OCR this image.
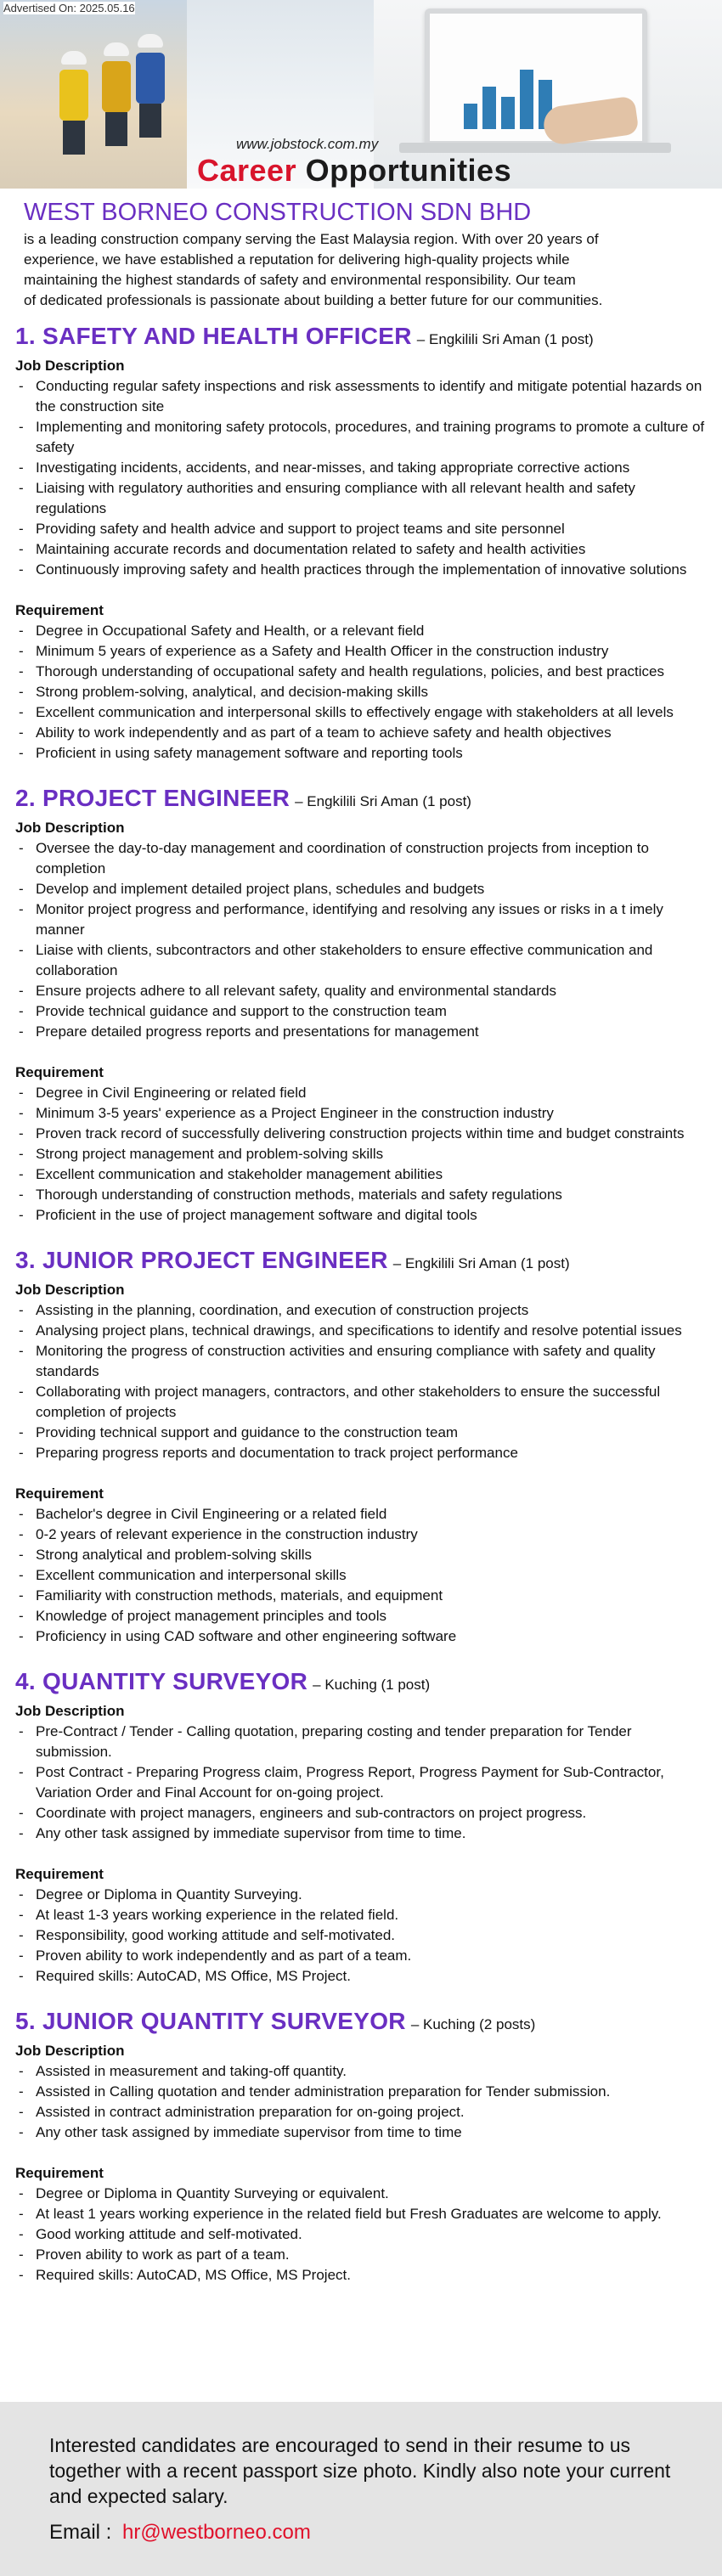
Advertised On: 2025.05.16
www.jobstock.com.my
Career Opportunities
WEST BORNEO CONSTRUCTION SDN BHD
is a leading construction company serving the East Malaysia region. With over 20 years of
experience, we have established a reputation for delivering high-quality projects while
maintaining the highest standards of safety and environmental responsibility. Our team
of dedicated professionals is passionate about building a better future for our communities.
1. SAFETY AND HEALTH OFFICER – Engkilili Sri Aman (1 post)
Job Description
- Conducting regular safety inspections and risk assessments to identify and mitigate potential hazards on the construction site
- Implementing and monitoring safety protocols, procedures, and training programs to promote a culture of safety
- Investigating incidents, accidents, and near-misses, and taking appropriate corrective actions
- Liaising with regulatory authorities and ensuring compliance with all relevant health and safety regulations
- Providing safety and health advice and support to project teams and site personnel
- Maintaining accurate records and documentation related to safety and health activities
- Continuously improving safety and health practices through the implementation of innovative solutions
Requirement
- Degree in Occupational Safety and Health, or a relevant field
- Minimum 5 years of experience as a Safety and Health Officer in the construction industry
- Thorough understanding of occupational safety and health regulations, policies, and best practices
- Strong problem-solving, analytical, and decision-making skills
- Excellent communication and interpersonal skills to effectively engage with stakeholders at all levels
- Ability to work independently and as part of a team to achieve safety and health objectives
- Proficient in using safety management software and reporting tools
2. PROJECT ENGINEER – Engkilili Sri Aman (1 post)
Job Description
- Oversee the day-to-day management and coordination of construction projects from inception to completion
- Develop and implement detailed project plans, schedules and budgets
- Monitor project progress and performance, identifying and resolving any issues or risks in a t imely manner
- Liaise with clients, subcontractors and other stakeholders to ensure effective communication and collaboration
- Ensure projects adhere to all relevant safety, quality and environmental standards
- Provide technical guidance and support to the construction team
- Prepare detailed progress reports and presentations for management
Requirement
- Degree in Civil Engineering or related field
- Minimum 3-5 years' experience as a Project Engineer in the construction industry
- Proven track record of successfully delivering construction projects within time and budget constraints
- Strong project management and problem-solving skills
- Excellent communication and stakeholder management abilities
- Thorough understanding of construction methods, materials and safety regulations
- Proficient in the use of project management software and digital tools
3. JUNIOR PROJECT ENGINEER – Engkilili Sri Aman (1 post)
Job Description
- Assisting in the planning, coordination, and execution of construction projects
- Analysing project plans, technical drawings, and specifications to identify and resolve potential issues
- Monitoring the progress of construction activities and ensuring compliance with safety and quality standards
- Collaborating with project managers, contractors, and other stakeholders to ensure the successful completion of projects
- Providing technical support and guidance to the construction team
- Preparing progress reports and documentation to track project performance
Requirement
- Bachelor's degree in Civil Engineering or a related field
- 0-2 years of relevant experience in the construction industry
- Strong analytical and problem-solving skills
- Excellent communication and interpersonal skills
- Familiarity with construction methods, materials, and equipment
- Knowledge of project management principles and tools
- Proficiency in using CAD software and other engineering software
4. QUANTITY SURVEYOR – Kuching (1 post)
Job Description
- Pre-Contract / Tender - Calling quotation, preparing costing and tender preparation for Tender submission.
- Post Contract - Preparing Progress claim, Progress Report, Progress Payment for Sub-Contractor, Variation Order and Final Account for on-going project.
- Coordinate with project managers, engineers and sub-contractors on project progress.
- Any other task assigned by immediate supervisor from time to time.
Requirement
- Degree or Diploma in Quantity Surveying.
- At least 1-3 years working experience in the related field.
- Responsibility, good working attitude and self-motivated.
- Proven ability to work independently and as part of a team.
- Required skills: AutoCAD, MS Office, MS Project.
5. JUNIOR QUANTITY SURVEYOR – Kuching (2 posts)
Job Description
- Assisted in measurement and taking-off quantity.
- Assisted in Calling quotation and tender administration preparation for Tender submission.
- Assisted in contract administration preparation for on-going project.
- Any other task assigned by immediate supervisor from time to time
Requirement
- Degree or Diploma in Quantity Surveying or equivalent.
- At least 1 years working experience in the related field but Fresh Graduates are welcome to apply.
- Good working attitude and self-motivated.
- Proven ability to work as part of a team.
- Required skills: AutoCAD, MS Office, MS Project.
Interested candidates are encouraged to send in their resume to us together with a recent passport size photo. Kindly also note your current and expected salary.
Email : hr@westborneo.com
